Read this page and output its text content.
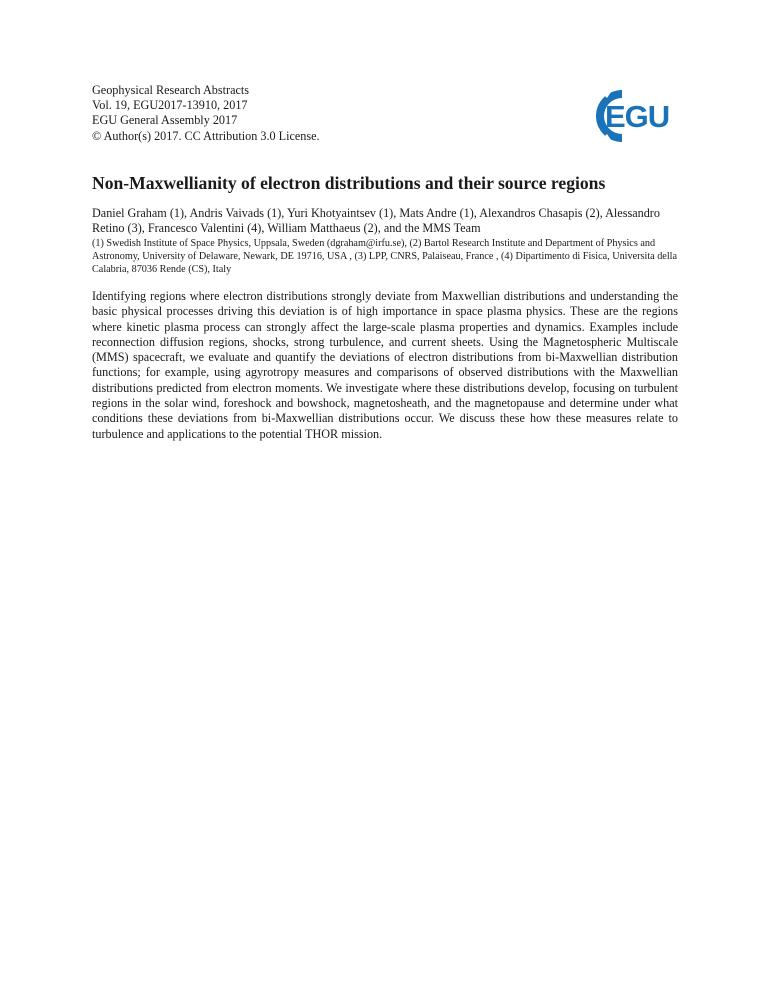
Geophysical Research Abstracts
Vol. 19, EGU2017-13910, 2017
EGU General Assembly 2017
© Author(s) 2017. CC Attribution 3.0 License.
EGU
Non-Maxwellianity of electron distributions and their source regions
Daniel Graham (1), Andris Vaivads (1), Yuri Khotyaintsev (1), Mats Andre (1), Alexandros Chasapis (2), Alessandro Retino (3), Francesco Valentini (4), William Matthaeus (2), and the MMS Team
(1) Swedish Institute of Space Physics, Uppsala, Sweden (dgraham@irfu.se), (2) Bartol Research Institute and Department of Physics and Astronomy, University of Delaware, Newark, DE 19716, USA , (3) LPP, CNRS, Palaiseau, France , (4) Dipartimento di Fisica, Universita della Calabria, 87036 Rende (CS), Italy

Identifying regions where electron distributions strongly deviate from Maxwellian distributions and understanding the basic physical processes driving this deviation is of high importance in space plasma physics. These are the regions where kinetic plasma process can strongly affect the large-scale plasma properties and dynamics. Examples include reconnection diffusion regions, shocks, strong turbulence, and current sheets. Using the Magnetospheric Multiscale (MMS) spacecraft, we evaluate and quantify the deviations of electron distributions from bi-Maxwellian distribution functions; for example, using agyrotropy measures and comparisons of observed distributions with the Maxwellian distributions predicted from electron moments. We investigate where these distributions develop, focusing on turbulent regions in the solar wind, foreshock and bowshock, magnetosheath, and the magnetopause and determine under what conditions these deviations from bi-Maxwellian distributions occur. We discuss these how these measures relate to turbulence and applications to the potential THOR mission.
